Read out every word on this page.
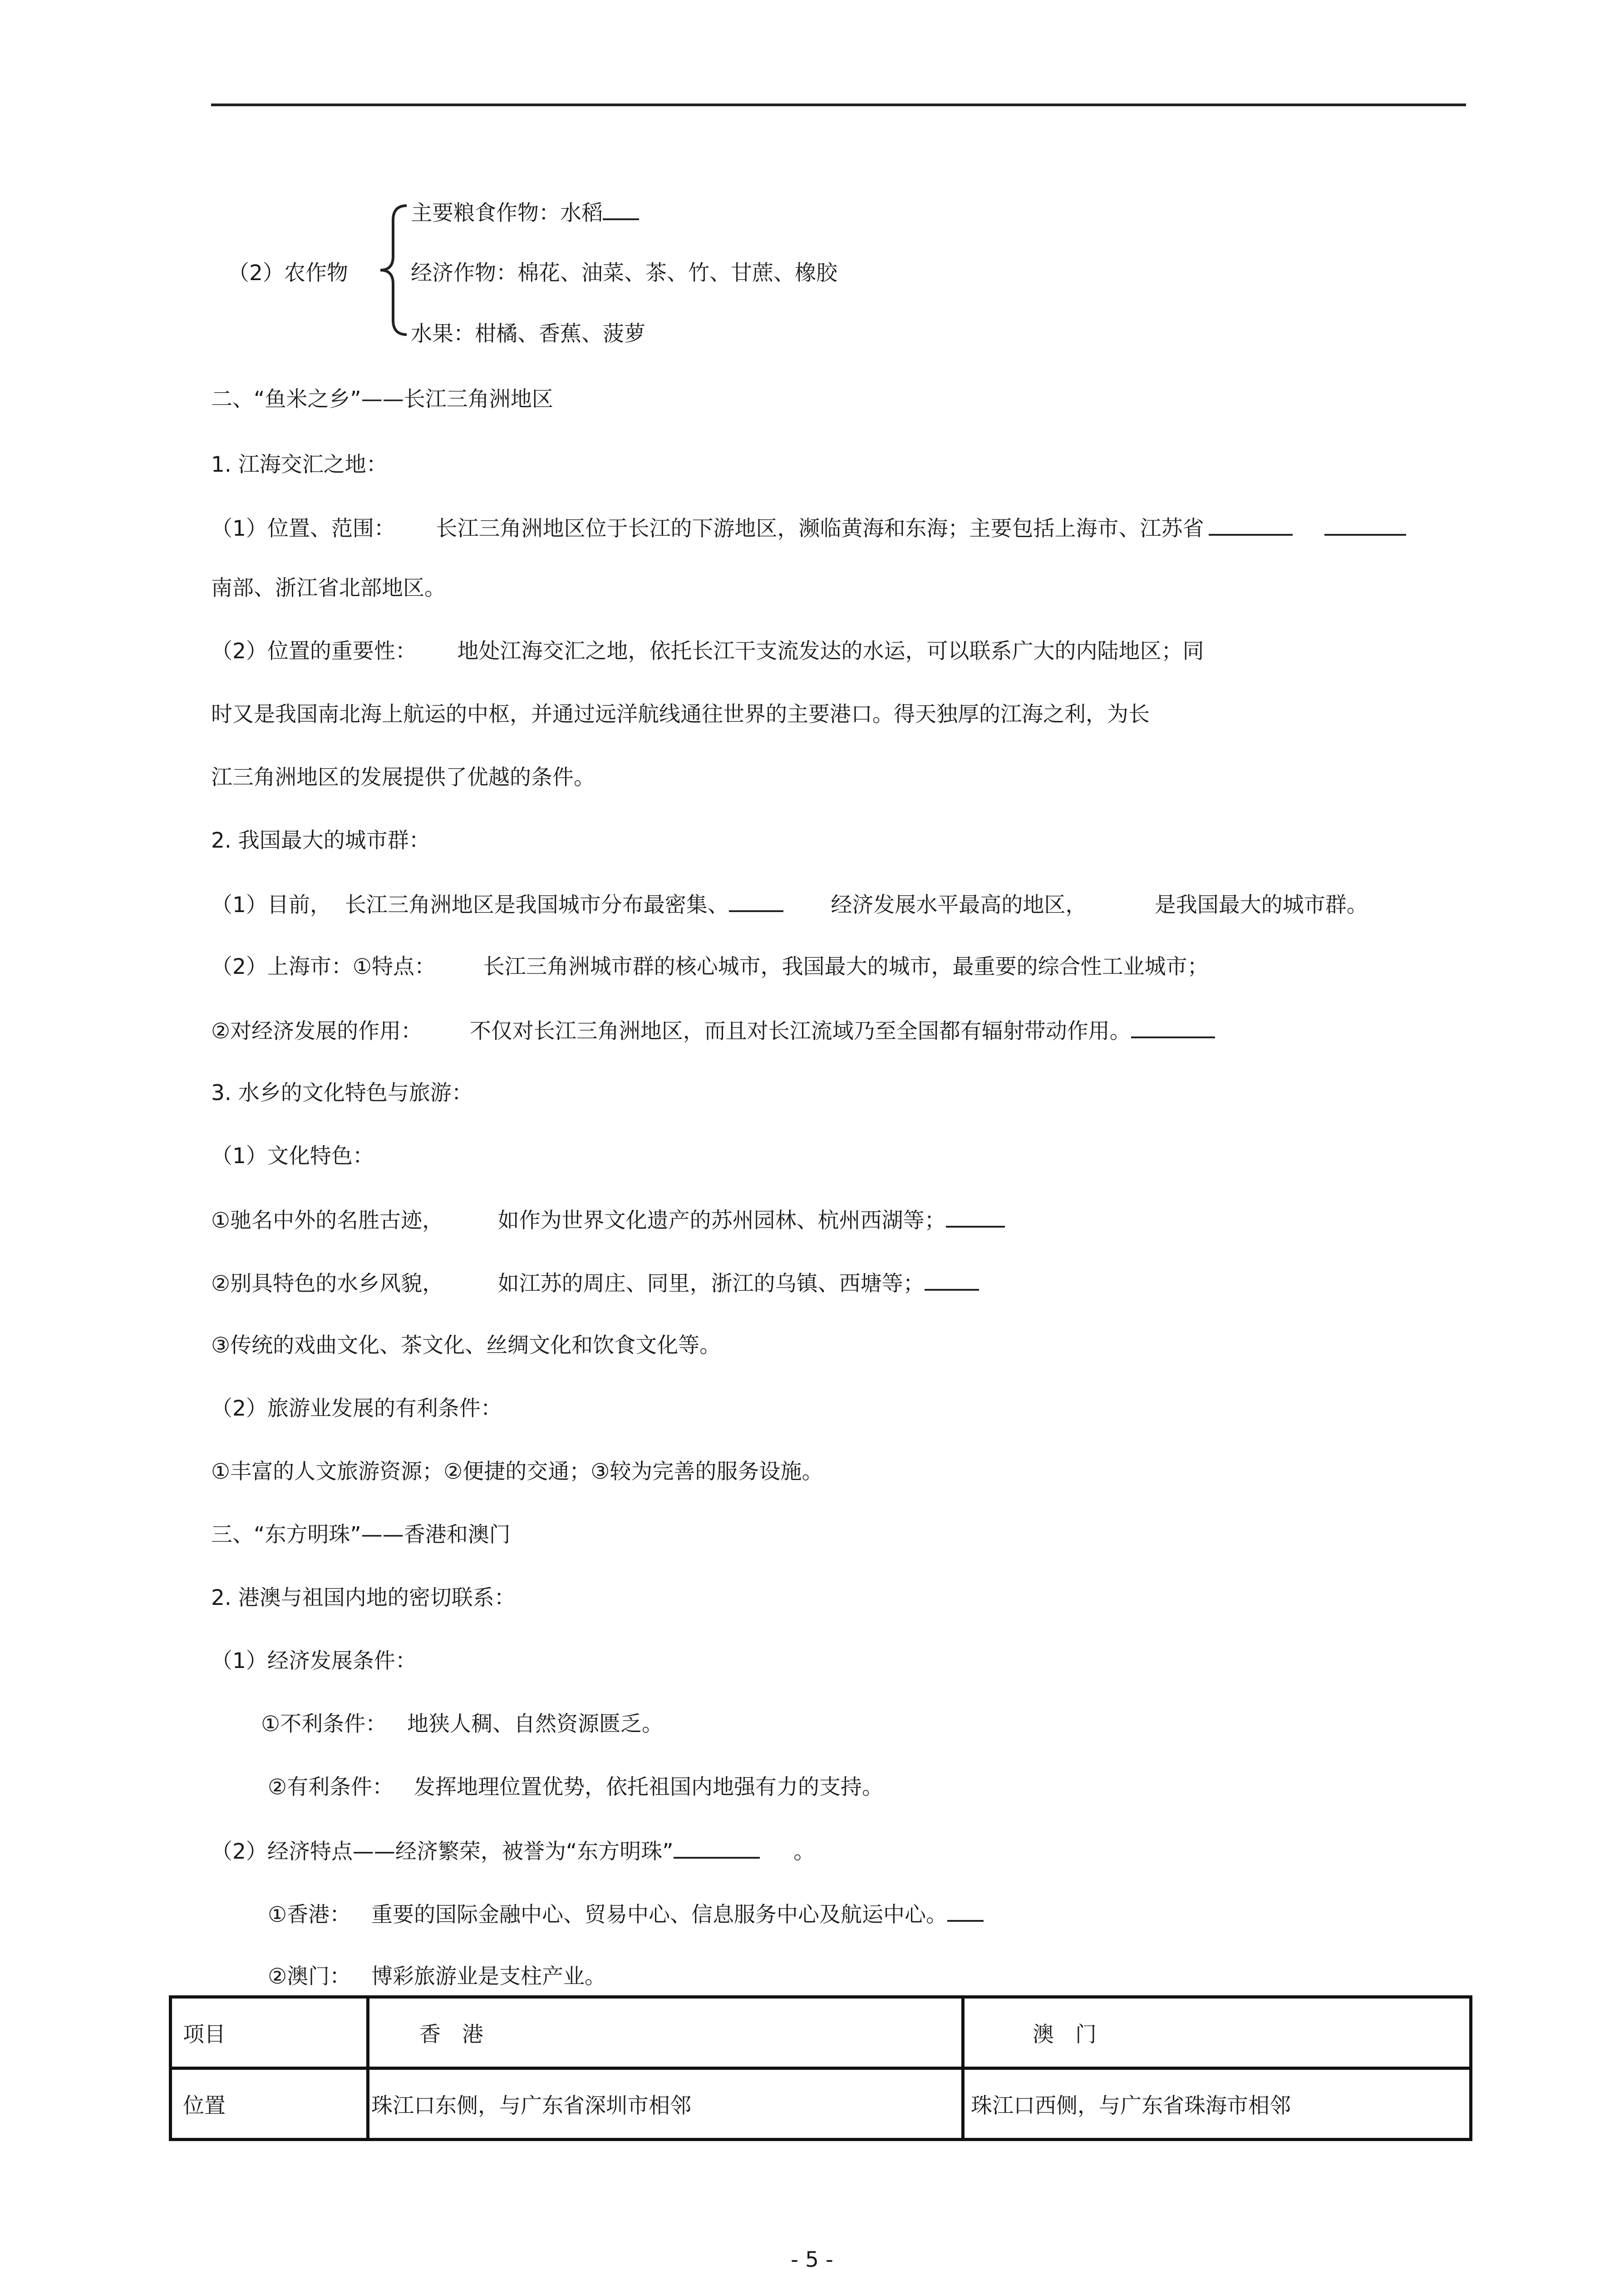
（2）农作物
主要粮食作物：水稻
经济作物：棉花、油菜、茶、竹、甘蔗、橡胶
水果：柑橘、香蕉、菠萝
二、“鱼米之乡”——长江三角洲地区
1. 江海交汇之地：
（1）位置、范围： 长江三角洲地区位于长江的下游地区，濒临黄海和东海；主要包括上海市、江苏省
南部、浙江省北部地区。
（2）位置的重要性： 地处江海交汇之地，依托长江干支流发达的水运，可以联系广大的内陆地区；同
时又是我国南北海上航运的中枢，并通过远洋航线通往世界的主要港口。得天独厚的江海之利，为长
江三角洲地区的发展提供了优越的条件。
2. 我国最大的城市群：
（1）目前， 长江三角洲地区是我国城市分布最密集、	经济发展水平最高的地区，	是我国最大的城市群。
（2）上海市：①特点： 长江三角洲城市群的核心城市，我国最大的城市，最重要的综合性工业城市；
②对经济发展的作用： 不仅对长江三角洲地区，而且对长江流域乃至全国都有辐射带动作用。
3. 水乡的文化特色与旅游：
（1）文化特色：
①驰名中外的名胜古迹，	如作为世界文化遗产的苏州园林、杭州西湖等；
②别具特色的水乡风貌，	如江苏的周庄、同里，浙江的乌镇、西塘等；
③传统的戏曲文化、茶文化、丝绸文化和饮食文化等。
（2）旅游业发展的有利条件：
①丰富的人文旅游资源；②便捷的交通；③较为完善的服务设施。
三、“东方明珠”——香港和澳门
2. 港澳与祖国内地的密切联系：
（1）经济发展条件：
①不利条件： 地狭人稠、自然资源匮乏。
②有利条件： 发挥地理位置优势，依托祖国内地强有力的支持。
（2）经济特点——经济繁荣，被誉为“东方明珠”	。
①香港： 重要的国际金融中心、贸易中心、信息服务中心及航运中心。
②澳门： 博彩旅游业是支柱产业。
项目	香　港	澳　门
位置	珠江口东侧，与广东省深圳市相邻	珠江口西侧，与广东省珠海市相邻
- 5 -
